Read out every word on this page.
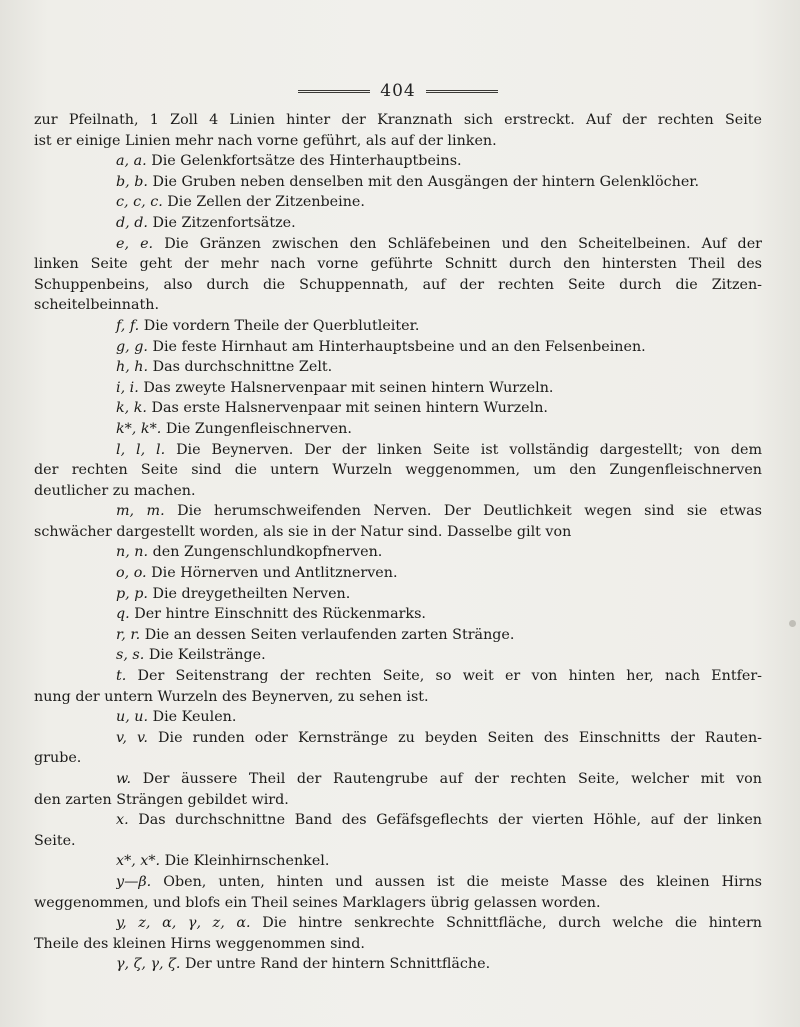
404
zur Pfeilnath, 1 Zoll 4 Linien hinter der Kranznath sich erstreckt. Auf der rechten Seite
ist er einige Linien mehr nach vorne geführt, als auf der linken.
a, a. Die Gelenkfortsätze des Hinterhauptbeins.
b, b. Die Gruben neben denselben mit den Ausgängen der hintern Gelenklöcher.
c, c, c. Die Zellen der Zitzenbeine.
d, d. Die Zitzenfortsätze.
e, e. Die Gränzen zwischen den Schläfebeinen und den Scheitelbeinen. Auf der
linken Seite geht der mehr nach vorne geführte Schnitt durch den hintersten Theil des
Schuppenbeins, also durch die Schuppennath, auf der rechten Seite durch die Zitzen-
scheitelbeinnath.
f, f. Die vordern Theile der Querblutleiter.
g, g. Die feste Hirnhaut am Hinterhauptsbeine und an den Felsenbeinen.
h, h. Das durchschnittne Zelt.
i, i. Das zweyte Halsnervenpaar mit seinen hintern Wurzeln.
k, k. Das erste Halsnervenpaar mit seinen hintern Wurzeln.
k*, k*. Die Zungenfleischnerven.
l, l, l. Die Beynerven. Der der linken Seite ist vollständig dargestellt; von dem
der rechten Seite sind die untern Wurzeln weggenommen, um den Zungenfleischnerven
deutlicher zu machen.
m, m. Die herumschweifenden Nerven. Der Deutlichkeit wegen sind sie etwas
schwächer dargestellt worden, als sie in der Natur sind. Dasselbe gilt von
n, n. den Zungenschlundkopfnerven.
o, o. Die Hörnerven und Antlitznerven.
p, p. Die dreygetheilten Nerven.
q. Der hintre Einschnitt des Rückenmarks.
r, r. Die an dessen Seiten verlaufenden zarten Stränge.
s, s. Die Keilstränge.
t. Der Seitenstrang der rechten Seite, so weit er von hinten her, nach Entfer-
nung der untern Wurzeln des Beynerven, zu sehen ist.
u, u. Die Keulen.
v, v. Die runden oder Kernstränge zu beyden Seiten des Einschnitts der Rauten-
grube.
w. Der äussere Theil der Rautengrube auf der rechten Seite, welcher mit von
den zarten Strängen gebildet wird.
x. Das durchschnittne Band des Gefäfsgeflechts der vierten Höhle, auf der linken
Seite.
x*, x*. Die Kleinhirnschenkel.
y—β. Oben, unten, hinten und aussen ist die meiste Masse des kleinen Hirns
weggenommen, und blofs ein Theil seines Marklagers übrig gelassen worden.
y, z, α, γ, z, α. Die hintre senkrechte Schnittfläche, durch welche die hintern
Theile des kleinen Hirns weggenommen sind.
γ, ζ, γ, ζ. Der untre Rand der hintern Schnittfläche.
